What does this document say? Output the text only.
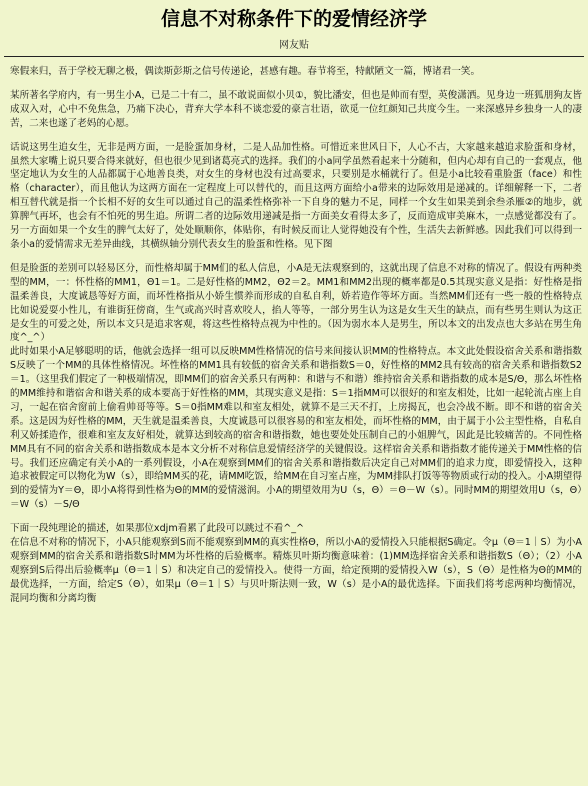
信息不对称条件下的爱情经济学
网友贴

寒假来归，吾于学校无聊之极，偶读斯彭斯之信号传递论，甚感有趣。春节将至，特献陋文一篇，博诸君一笑。

某所著名学府内，有一男生小A，已是二十有二，虽不敢说面似小贝①，貌比潘安，但也是帅而有型，英俊潇洒。见身边一班狐朋狗友皆成双入对，心中不免焦急，乃痛下决心，背弃大学本科不谈恋爱的豪言壮语，欲觅一位红颜知己共度今生。一来深感异乡独身一人的凄苦，二来也遂了老妈的心愿。

话说这男生追女生，无非是两方面，一是脸蛋加身材，二是人品加性格。可惜近来世风日下，人心不古，大家越来越追求脸蛋和身材，虽然大家嘴上说只要合得来就好，但也很少见到诸葛亮式的选择。我们的小a同学虽然看起来十分随和，但内心却有自己的一套观点，他坚定地认为女生的人品都属于心地善良类，对女生的身材也没有过高要求，只要别是水桶就行了。但是小a比较看重脸蛋（face）和性格（character），而且他认为这两方面在一定程度上可以替代的，而且这两方面给小a带来的边际效用是递减的。详细解释一下，二者相互替代就是指一个长相不好的女生可以通过自己的温柔性格弥补一下自身的魅力不足，同样一个女生如果美到余叁杀雁②的地步，就算脾气再坏，也会有不怕死的男生追。所谓二者的边际效用递减是指一方面美女看得太多了，反而造成审美麻木，一点感觉都没有了。另一方面如果一个女生的脾气太好了，处处顺顺你，体贴你，有时候反而让人觉得她没有个性，生活失去新鲜感。因此我们可以得到一条小a的爱情需求无差异曲线，其横纵轴分别代表女生的脸蛋和性格。见下图

但是脸蛋的差别可以轻易区分，而性格却属于MM们的私人信息，小A是无法观察到的，这就出现了信息不对称的情况了。假设有两种类型的MM，一：怀性格的MM1，Θ1＝1。二是好性格的MM2，Θ2＝2。MM1和MM2出现的概率都是0.5其现实意义是指：好性格是指温柔善良，大度诚恳等好方面，而坏性格指从小娇生惯养而形成的自私自利，娇若造作等坏方面。当然MM们还有一些一般的性格特点比如说爱耍小性儿，有谁街狂傍商，生气或高兴时喜欢咬人，掐人等等，一部分男生认为这是女生天生的缺点，而有些男生则认为这正是女生的可爱之处，所以本文只是追求客观，将这些性格特点视为中性的。（因为弱水本人是男生，所以本文的出发点也大多站在男生角度^_^）

此时如果小A足够聪明的话，他就会选择一组可以反映MM性格情况的信号来间接认识MM的性格特点。本文此处假设宿舍关系和谐指数S反映了一个MM的具体性格情况。坏性格的MM1具有较低的宿舍关系和谐指数S＝0，好性格的MM2具有较高的宿舍关系和谐指数S2＝1。（这里我们假定了一种极端情况，即MM们的宿舍关系只有两种：和谐与不和谐）维持宿舍关系和谐指数的成本是S/Θ，那么坏性格的MM维持和谐宿舍和谐关系的成本要高于好性格的MM，其现实意义是指：S＝1指MM可以很好的和室友相处，比如一起轮流占座上自习，一起在宿舍窗前上偷看帅哥等等。S＝0指MM难以和室友相处，就算不是三天不打，上房揭瓦，也会冷战不断。即不和谐的宿舍关系。这是因为好性格的MM，天生就是温柔善良，大度诚恳可以很容易的和室友相处，而坏性格的MM，由于属于小公主型性格，自私自利又娇揉造作，很难和室友友好相处，就算达到较高的宿舍和谐指数，她也要处处压制自己的小姐脾气，因此是比较痛苦的。不同性格MM具有不同的宿舍关系和谐指数成本是本文分析不对称信息爱情经济学的关键假设。这样宿舍关系和谐指数才能传递关于MM性格的信号。我们还应确定有关小A的一系列假设，小A在观察到MM们的宿舍关系和谐指数后决定自己对MM们的追求力度，即爱情投入，这种追求被假定可以物化为W（s），即给MM买的花，请MM吃饭，给MM在自习室占座，为MM排队打饭等等物质或行动的投入。小A期望得到的爱情为Y＝Θ，即小A将得到性格为Θ的MM的爱情滋润。小A的期望效用为U（s，Θ）＝Θ－W（s）。同时MM的期望效用U（s，Θ）＝W（s）－S/Θ

下面一段纯理论的描述，如果那位xdjm看累了此段可以跳过不看^_^

在信息不对称的情况下，小A只能观察到S而不能观察到MM的真实性格Θ，所以小A的爱情投入只能根据S确定。令μ（Θ＝1｜S）为小A观察到MM的宿舍关系和谐指数S时MM为坏性格的后验概率。精炼贝叶斯均衡意味着：(1)MM选择宿舍关系和谐指数S（Θ）；（2）小A观察到S后得出后验概率μ（Θ＝1｜S）和决定自己的爱情投入。使得一方面，给定预期的爱情投入W（s），S（Θ）是性格为Θ的MM的最优选择，一方面，给定S（Θ），如果μ（Θ＝1｜S）与贝叶斯法则一致，W（s）是小A的最优选择。下面我们将考虑两种均衡情况，混同均衡和分离均衡
